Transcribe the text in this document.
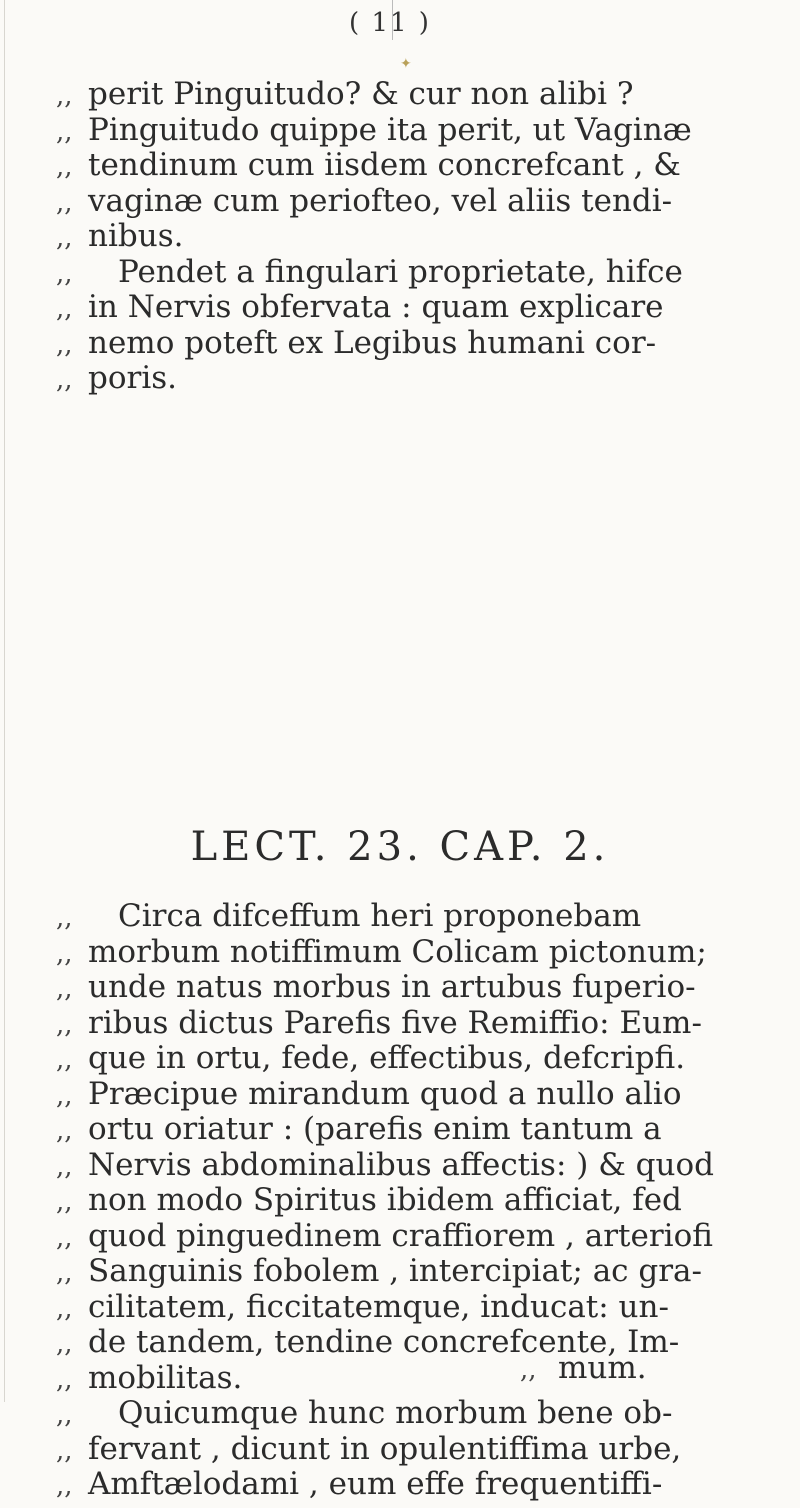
✦
( 11 )
,, perit Pinguitudo? & cur non alibi ?
,, Pinguitudo quippe ita perit, ut Vaginæ
,, tendinum cum iisdem concrefcant , &
,, vaginæ cum periofteo, vel aliis tendi-
,, nibus.
,, Pendet a fingulari proprietate, hifce
,, in Nervis obfervata : quam explicare
,, nemo poteft ex Legibus humani cor-
,, poris.
LECT. 23. CAP. 2.
,, Circa difceffum heri proponebam
,, morbum notiffimum Colicam pictonum;
,, unde natus morbus in artubus fuperio-
,, ribus dictus Parefis five Remiffio: Eum-
,, que in ortu, fede, effectibus, defcripfi.
,, Præcipue mirandum quod a nullo alio
,, ortu oriatur : (parefis enim tantum a
,, Nervis abdominalibus affectis: ) & quod
,, non modo Spiritus ibidem afficiat, fed
,, quod pinguedinem craffiorem , arteriofi
,, Sanguinis fobolem , intercipiat; ac gra-
,, cilitatem, ficcitatemque, inducat: un-
,, de tandem, tendine concrefcente, Im-
,, mobilitas.
,, Quicumque hunc morbum bene ob-
,, fervant , dicunt in opulentiffima urbe,
,, Amftælodami , eum effe frequentiffi-
,, mum.
